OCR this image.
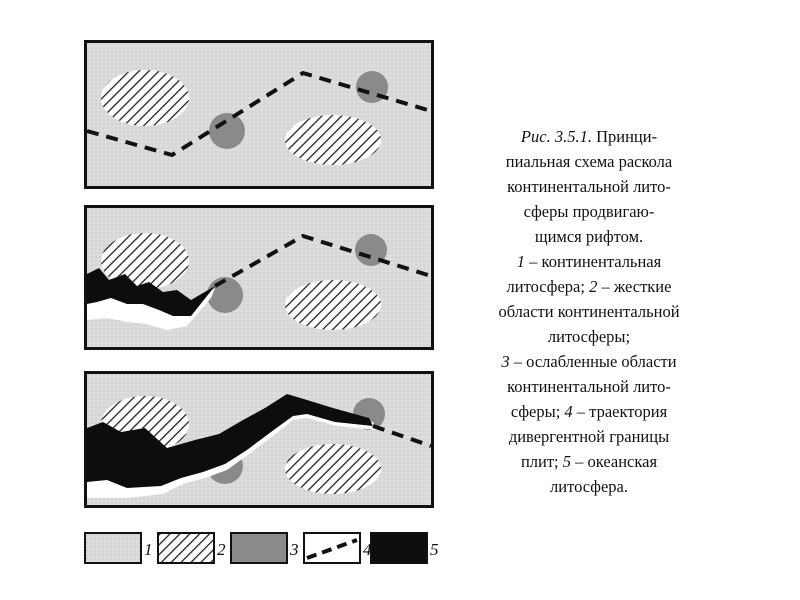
1	2	3	4	5
Рис. 3.5.1. Принци-
пиальная схема раскола
континентальной лито-
сферы продвигаю-
щимся рифтом.
1 – континентальная
литосфера; 2 – жесткие
области континентальной
литосферы;
3 – ослабленные области
континентальной лито-
сферы; 4 – траектория
дивергентной границы
плит; 5 – океанская
литосфера.
